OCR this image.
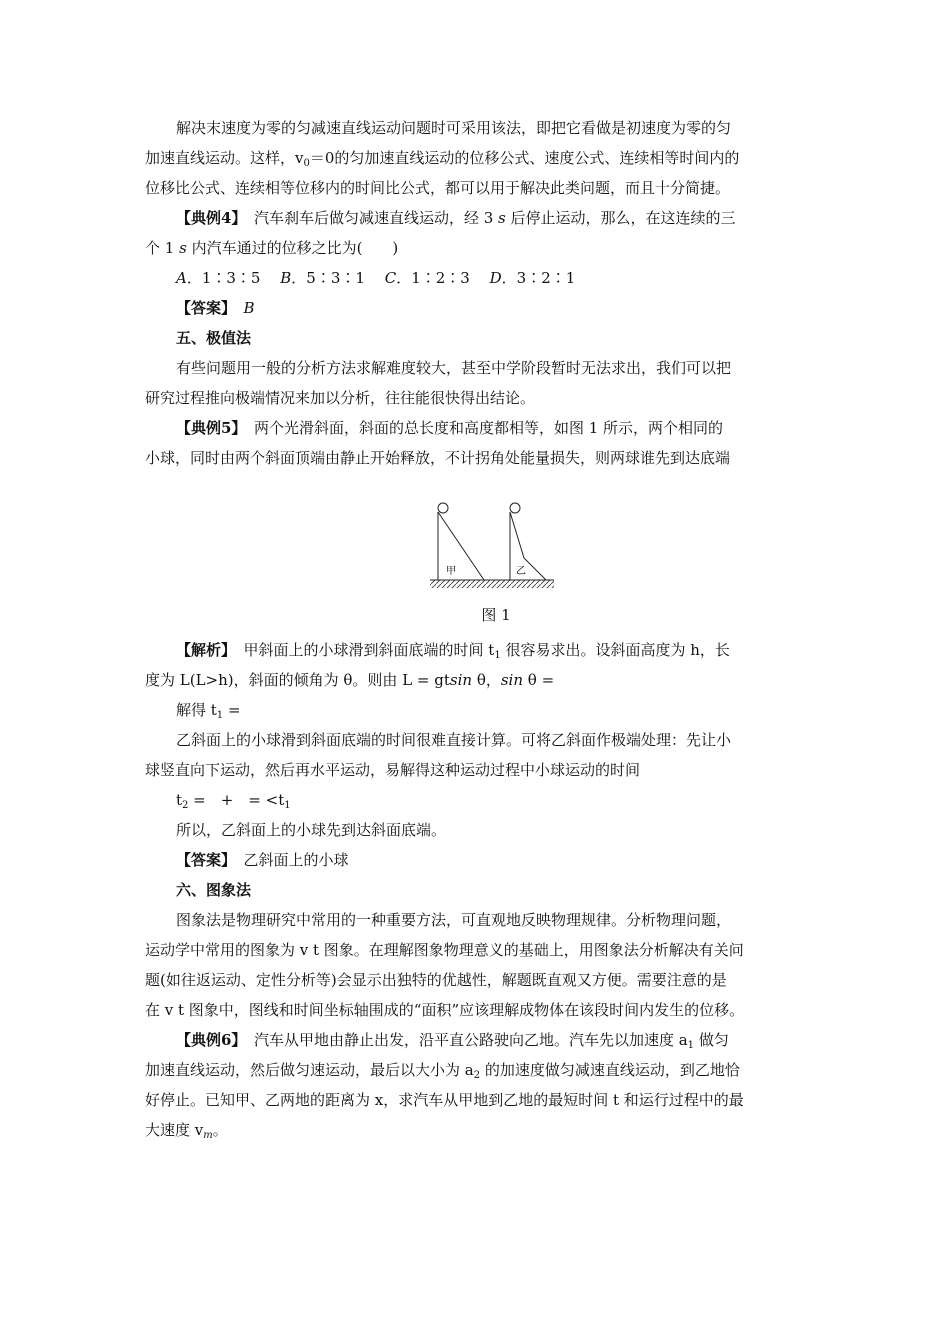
解决末速度为零的匀减速直线运动问题时可采用该法，即把它看做是初速度为零的匀
加速直线运动。这样，$v_0=0$的匀加速直线运动的位移公式、速度公式、连续相等时间内的
位移比公式、连续相等位移内的时间比公式，都可以用于解决此类问题，而且十分简捷。
【典例4】　 汽车刹车后做匀减速直线运动，经 3 s 后停止运动，那么，在这连续的三
个 1 s 内汽车通过的位移之比为(　　)
A．1∶3∶5　 B．5∶3∶1　 C．1∶2∶3　 D．3∶2∶1
【答案】　 B
五、极值法
有些问题用一般的分析方法求解难度较大，甚至中学阶段暂时无法求出，我们可以把
研究过程推向极端情况来加以分析，往往能很快得出结论。
【典例5】　 两个光滑斜面，斜面的总长度和高度都相等，如图 1 所示，两个相同的
小球，同时由两个斜面顶端由静止开始释放，不计拐角处能量损失，则两球谁先到达底端
甲	乙
图 1
【解析】　 甲斜面上的小球滑到斜面底端的时间 $t_1$ 很容易求出。设斜面高度为 h，长
度为 L(L>h)，斜面的倾角为 θ。则由 L = gtsin θ，sin θ =
解得 $t_1$ =
乙斜面上的小球滑到斜面底端的时间很难直接计算。可将乙斜面作极端处理：先让小
球竖直向下运动，然后再水平运动，易解得这种运动过程中小球运动的时间
$t_2$ =　+　= $<t_1$
所以，乙斜面上的小球先到达斜面底端。
【答案】　 乙斜面上的小球
六、图象法
图象法是物理研究中常用的一种重要方法，可直观地反映物理规律。分析物理问题，
运动学中常用的图象为 v t 图象。在理解图象物理意义的基础上，用图象法分析解决有关问
题(如往返运动、定性分析等)会显示出独特的优越性，解题既直观又方便。需要注意的是
在 v t 图象中，图线和时间坐标轴围成的“面积”应该理解成物体在该段时间内发生的位移。
【典例6】　 汽车从甲地由静止出发，沿平直公路驶向乙地。汽车先以加速度 $a_1$ 做匀
加速直线运动，然后做匀速运动，最后以大小为 $a_2$ 的加速度做匀减速直线运动，到乙地恰
好停止。已知甲、乙两地的距离为 x，求汽车从甲地到乙地的最短时间 t 和运行过程中的最
大速度 $v_m$。
